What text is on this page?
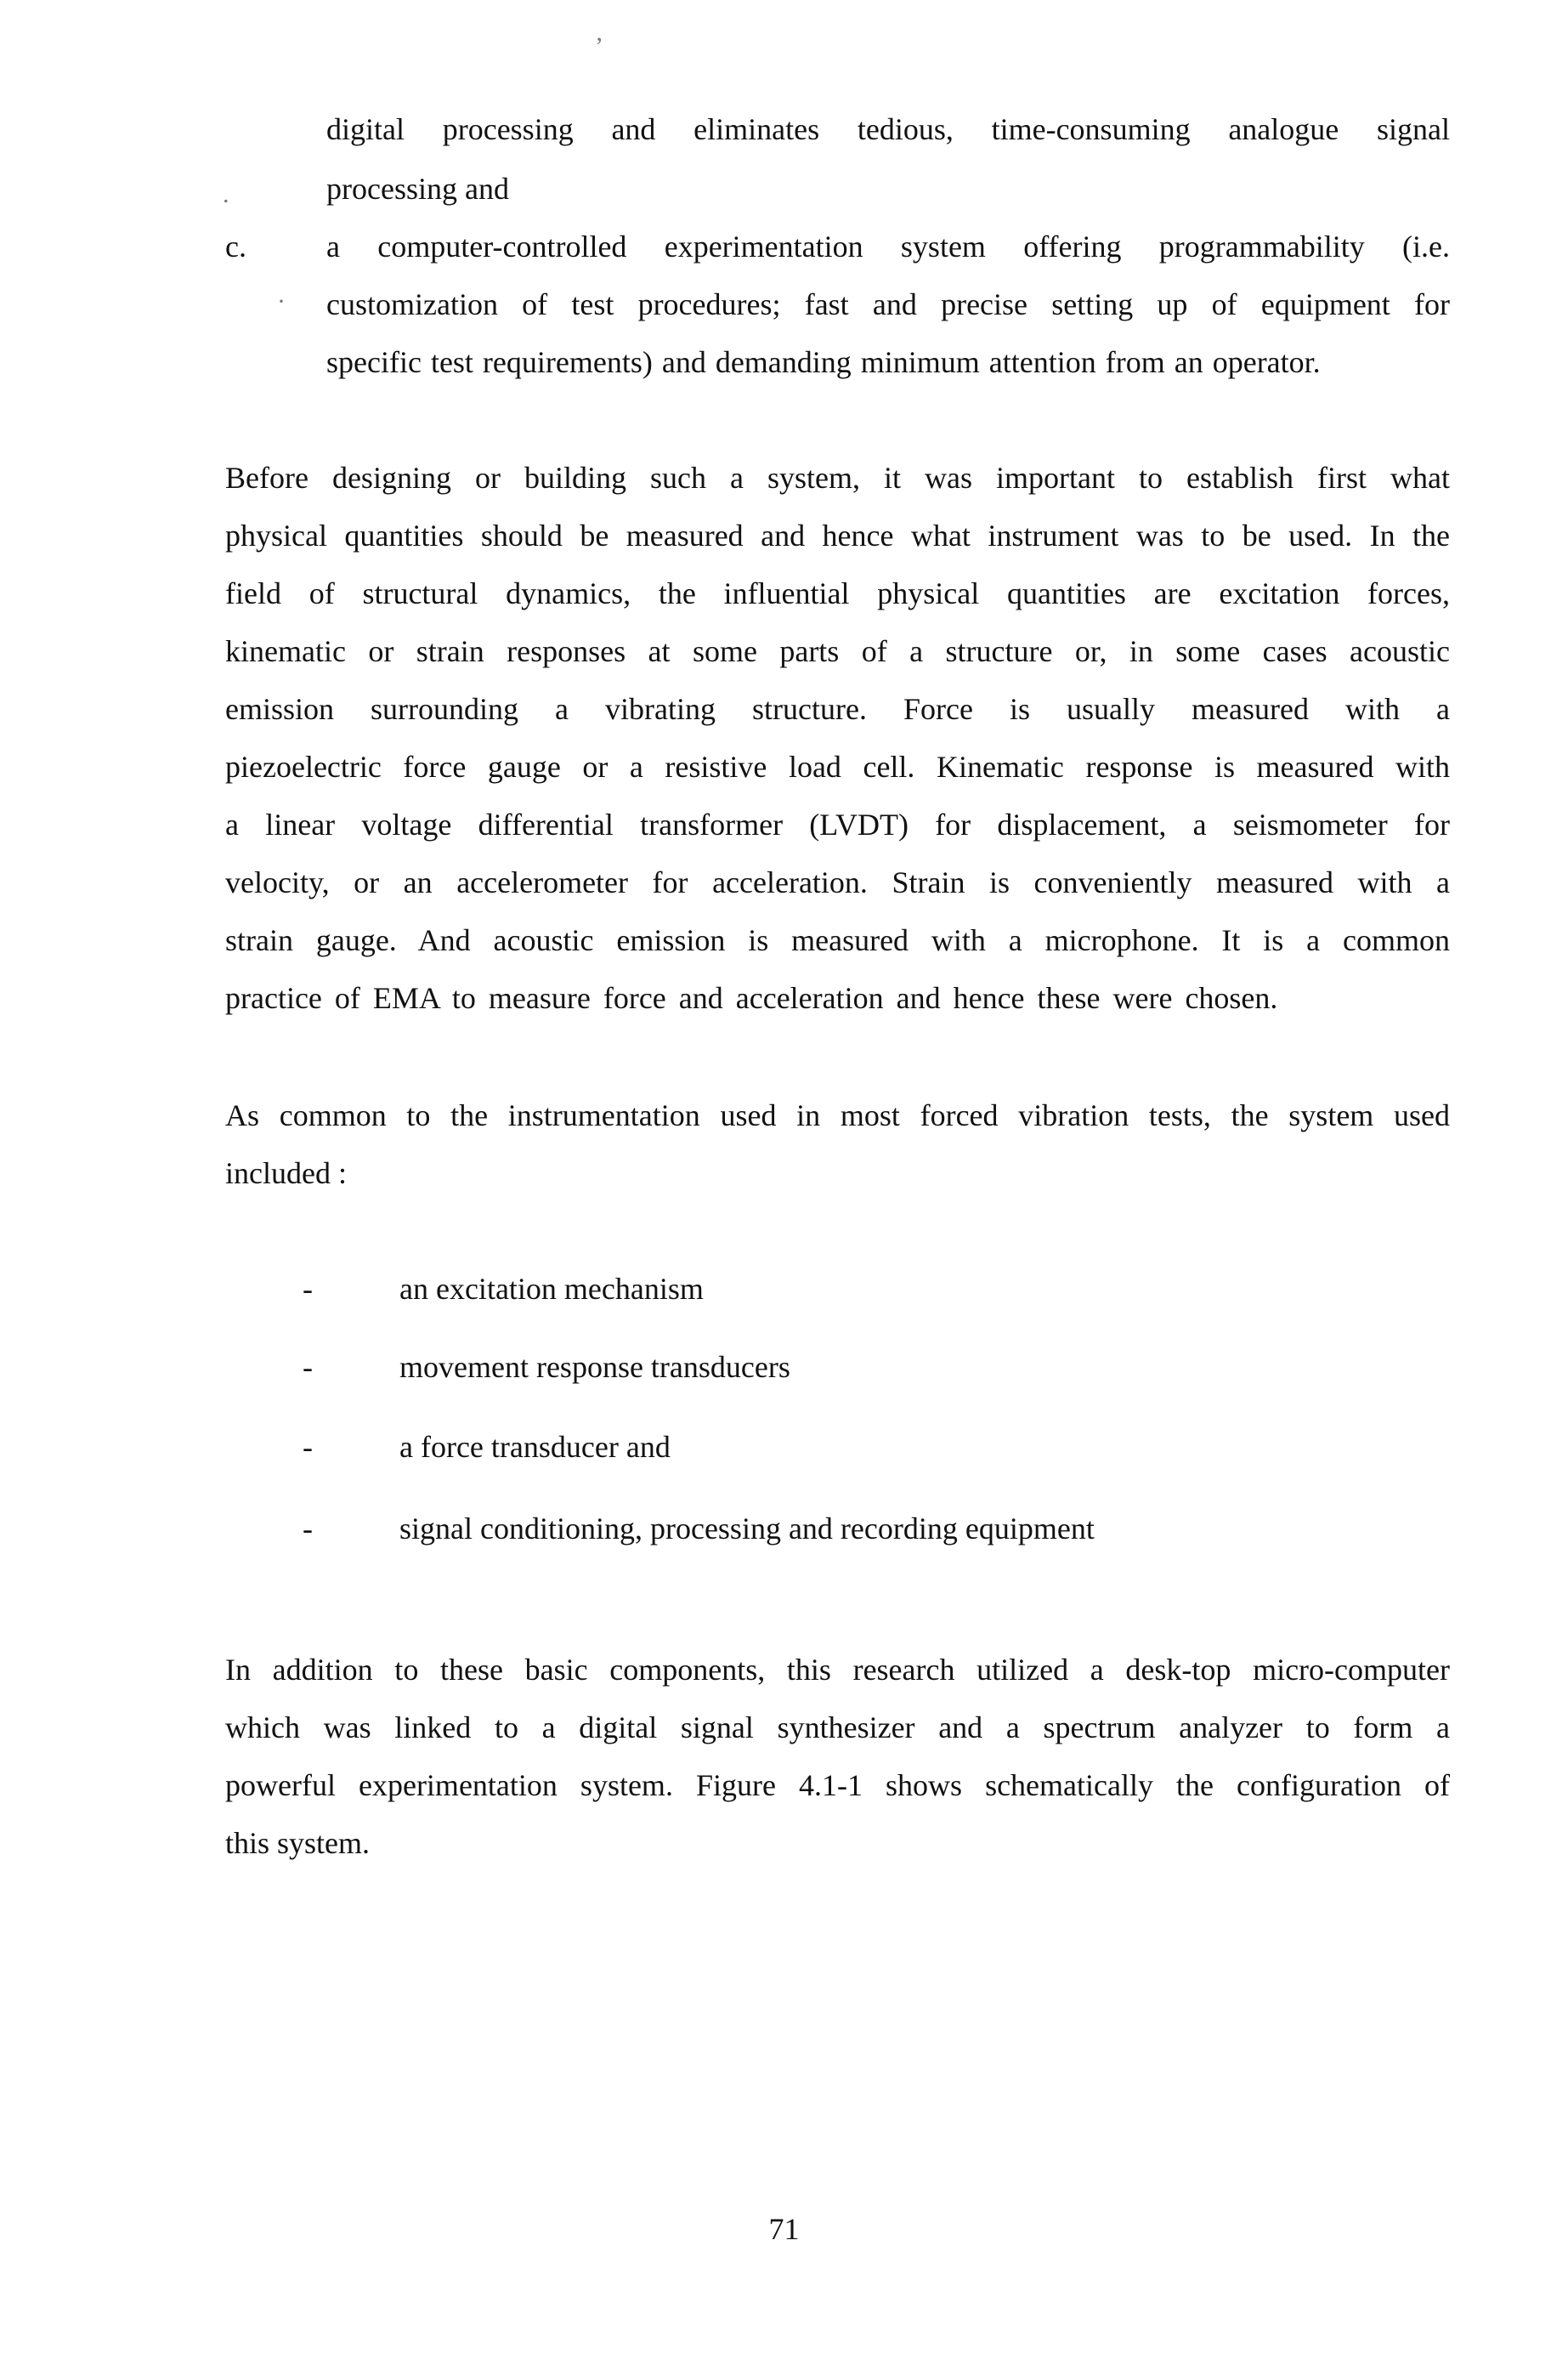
’
.
·
digital processing and eliminates tedious, time-consuming analogue signal
processing and
c.	a computer-controlled experimentation system offering programmability (i.e.
customization of test procedures; fast and precise setting up of equipment for
specific test requirements) and demanding minimum attention from an operator.
Before designing or building such a system, it was important to establish first what
physical quantities should be measured and hence what instrument was to be used. In the
field of structural dynamics, the influential physical quantities are excitation forces,
kinematic or strain responses at some parts of a structure or, in some cases acoustic
emission surrounding a vibrating structure. Force is usually measured with a
piezoelectric force gauge or a resistive load cell. Kinematic response is measured with
a linear voltage differential transformer (LVDT) for displacement, a seismometer for
velocity, or an accelerometer for acceleration. Strain is conveniently measured with a
strain gauge. And acoustic emission is measured with a microphone. It is a common
practice of EMA to measure force and acceleration and hence these were chosen.
As common to the instrumentation used in most forced vibration tests, the system used
included :
-	an excitation mechanism
-	movement response transducers
-	a force transducer and
-	signal conditioning, processing and recording equipment
In addition to these basic components, this research utilized a desk-top micro-computer
which was linked to a digital signal synthesizer and a spectrum analyzer to form a
powerful experimentation system. Figure 4.1-1 shows schematically the configuration of
this system.
71
